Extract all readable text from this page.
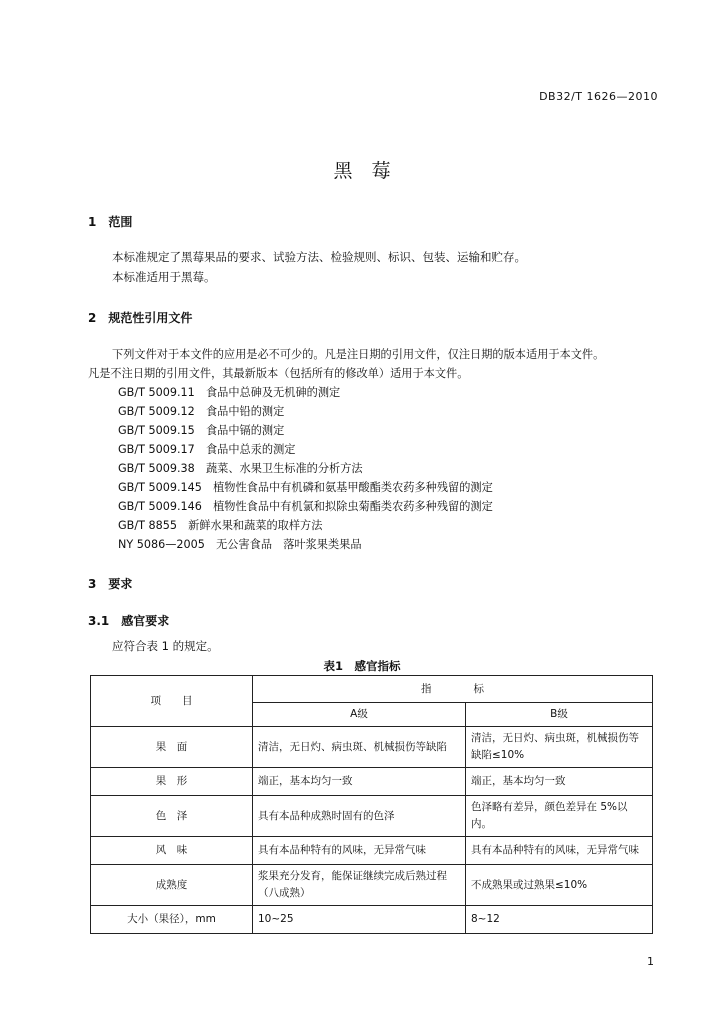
DB32/T 1626—2010
黑　莓
1　范围
本标准规定了黑莓果品的要求、试验方法、检验规则、标识、包装、运输和贮存。
本标准适用于黑莓。
2　规范性引用文件
下列文件对于本文件的应用是必不可少的。凡是注日期的引用文件，仅注日期的版本适用于本文件。
凡是不注日期的引用文件，其最新版本（包括所有的修改单）适用于本文件。
GB/T 5009.11　食品中总砷及无机砷的测定
GB/T 5009.12　食品中铅的测定
GB/T 5009.15　食品中镉的测定
GB/T 5009.17　食品中总汞的测定
GB/T 5009.38　蔬菜、水果卫生标准的分析方法
GB/T 5009.145　植物性食品中有机磷和氨基甲酸酯类农药多种残留的测定
GB/T 5009.146　植物性食品中有机氯和拟除虫菊酯类农药多种残留的测定
GB/T 8855　新鲜水果和蔬菜的取样方法
NY 5086—2005　无公害食品　落叶浆果类果品
3　要求
3.1　感官要求
应符合表 1 的规定。
表1　感官指标
项　　目	指　　　　标	
	A级	B级
果　面	清洁，无日灼、病虫斑、机械损伤等缺陷	清洁，无日灼、病虫斑，机械损伤等缺陷≤10%
果　形	端正，基本均匀一致	端正，基本均匀一致
色　泽	具有本品种成熟时固有的色泽	色泽略有差异，颜色差异在 5%以内。
风　味	具有本品种特有的风味，无异常气味	具有本品种特有的风味，无异常气味
成熟度	浆果充分发育，能保证继续完成后熟过程（八成熟）	不成熟果或过熟果≤10%
大小（果径），mm	10~25	8~12
1
